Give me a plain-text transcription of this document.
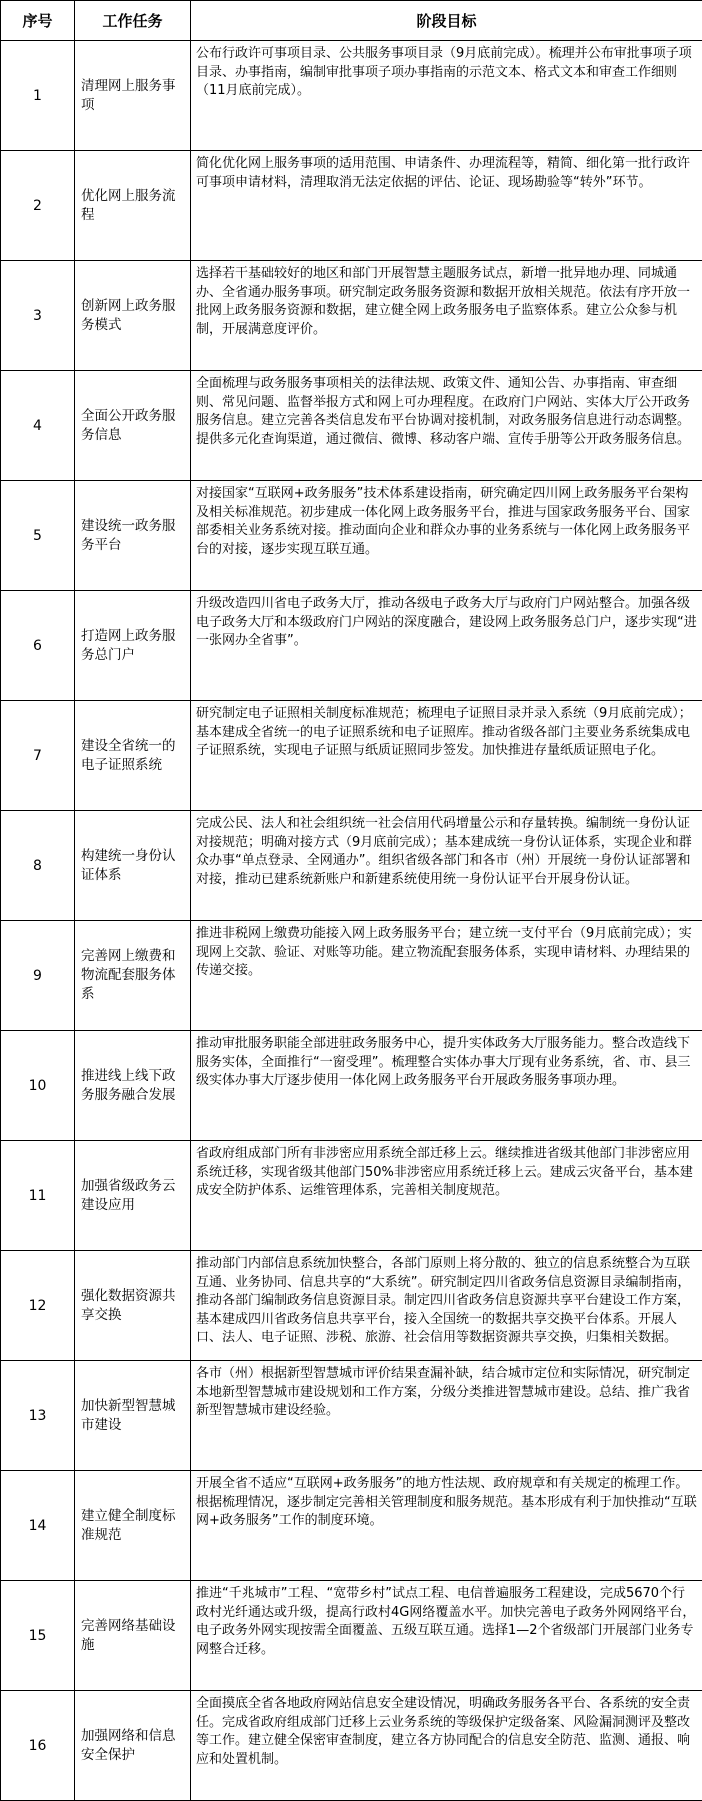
序号	工作任务	阶段目标
1	清理网上服务事项	公布行政许可事项目录、公共服务事项目录（9月底前完成）。梳理并公布审批事项子项目录、办事指南，编制审批事项子项办事指南的示范文本、格式文本和审查工作细则（11月底前完成）。

2	优化网上服务流程	简化优化网上服务事项的适用范围、申请条件、办理流程等，精简、细化第一批行政许可事项申请材料，清理取消无法定依据的评估、论证、现场勘验等“转外”环节。

3	创新网上政务服务模式	选择若干基础较好的地区和部门开展智慧主题服务试点，新增一批异地办理、同城通办、全省通办服务事项。研究制定政务服务资源和数据开放相关规范。依法有序开放一批网上政务服务资源和数据，建立健全网上政务服务电子监察体系。建立公众参与机制，开展满意度评价。

4	全面公开政务服务信息	全面梳理与政务服务事项相关的法律法规、政策文件、通知公告、办事指南、审查细则、常见问题、监督举报方式和网上可办理程度。在政府门户网站、实体大厅公开政务服务信息。建立完善各类信息发布平台协调对接机制，对政务服务信息进行动态调整。提供多元化查询渠道，通过微信、微博、移动客户端、宣传手册等公开政务服务信息。

5	建设统一政务服务平台	对接国家“互联网+政务服务”技术体系建设指南，研究确定四川网上政务服务平台架构及相关标准规范。初步建成一体化网上政务服务平台，推进与国家政务服务平台、国家部委相关业务系统对接。推动面向企业和群众办事的业务系统与一体化网上政务服务平台的对接，逐步实现互联互通。

6	打造网上政务服务总门户	升级改造四川省电子政务大厅，推动各级电子政务大厅与政府门户网站整合。加强各级电子政务大厅和本级政府门户网站的深度融合，建设网上政务服务总门户，逐步实现“进一张网办全省事”。

7	建设全省统一的电子证照系统	研究制定电子证照相关制度标准规范；梳理电子证照目录并录入系统（9月底前完成）；基本建成全省统一的电子证照系统和电子证照库。推动省级各部门主要业务系统集成电子证照系统，实现电子证照与纸质证照同步签发。加快推进存量纸质证照电子化。

8	构建统一身份认证体系	完成公民、法人和社会组织统一社会信用代码增量公示和存量转换。编制统一身份认证对接规范；明确对接方式（9月底前完成）；基本建成统一身份认证体系，实现企业和群众办事“单点登录、全网通办”。组织省级各部门和各市（州）开展统一身份认证部署和对接，推动已建系统新账户和新建系统使用统一身份认证平台开展身份认证。

9	完善网上缴费和物流配套服务体系	推进非税网上缴费功能接入网上政务服务平台；建立统一支付平台（9月底前完成）；实现网上交款、验证、对账等功能。建立物流配套服务体系，实现申请材料、办理结果的传递交接。

10	推进线上线下政务服务融合发展	推动审批服务职能全部进驻政务服务中心，提升实体政务大厅服务能力。整合改造线下服务实体，全面推行“一窗受理”。梳理整合实体办事大厅现有业务系统，省、市、县三级实体办事大厅逐步使用一体化网上政务服务平台开展政务服务事项办理。

11	加强省级政务云建设应用	省政府组成部门所有非涉密应用系统全部迁移上云。继续推进省级其他部门非涉密应用系统迁移，实现省级其他部门50%非涉密应用系统迁移上云。建成云灾备平台，基本建成安全防护体系、运维管理体系，完善相关制度规范。

12	强化数据资源共享交换	推动部门内部信息系统加快整合，各部门原则上将分散的、独立的信息系统整合为互联互通、业务协同、信息共享的“大系统”。研究制定四川省政务信息资源目录编制指南，推动各部门编制政务信息资源目录。制定四川省政务信息资源共享平台建设工作方案，基本建成四川省政务信息共享平台，接入全国统一的数据共享交换平台体系。开展人口、法人、电子证照、涉税、旅游、社会信用等数据资源共享交换，归集相关数据。

13	加快新型智慧城市建设	各市（州）根据新型智慧城市评价结果查漏补缺，结合城市定位和实际情况，研究制定本地新型智慧城市建设规划和工作方案，分级分类推进智慧城市建设。总结、推广我省新型智慧城市建设经验。

14	建立健全制度标准规范	开展全省不适应“互联网+政务服务”的地方性法规、政府规章和有关规定的梳理工作。根据梳理情况，逐步制定完善相关管理制度和服务规范。基本形成有利于加快推动“互联网+政务服务”工作的制度环境。

15	完善网络基础设施	推进“千兆城市”工程、“宽带乡村”试点工程、电信普遍服务工程建设，完成5670个行政村光纤通达或升级，提高行政村4G网络覆盖水平。加快完善电子政务外网网络平台，电子政务外网实现按需全面覆盖、五级互联互通。选择1—2个省级部门开展部门业务专网整合迁移。

16	加强网络和信息安全保护	全面摸底全省各地政府网站信息安全建设情况，明确政务服务各平台、各系统的安全责任。完成省政府组成部门迁移上云业务系统的等级保护定级备案、风险漏洞测评及整改等工作。建立健全保密审查制度，建立各方协同配合的信息安全防范、监测、通报、响应和处置机制。
